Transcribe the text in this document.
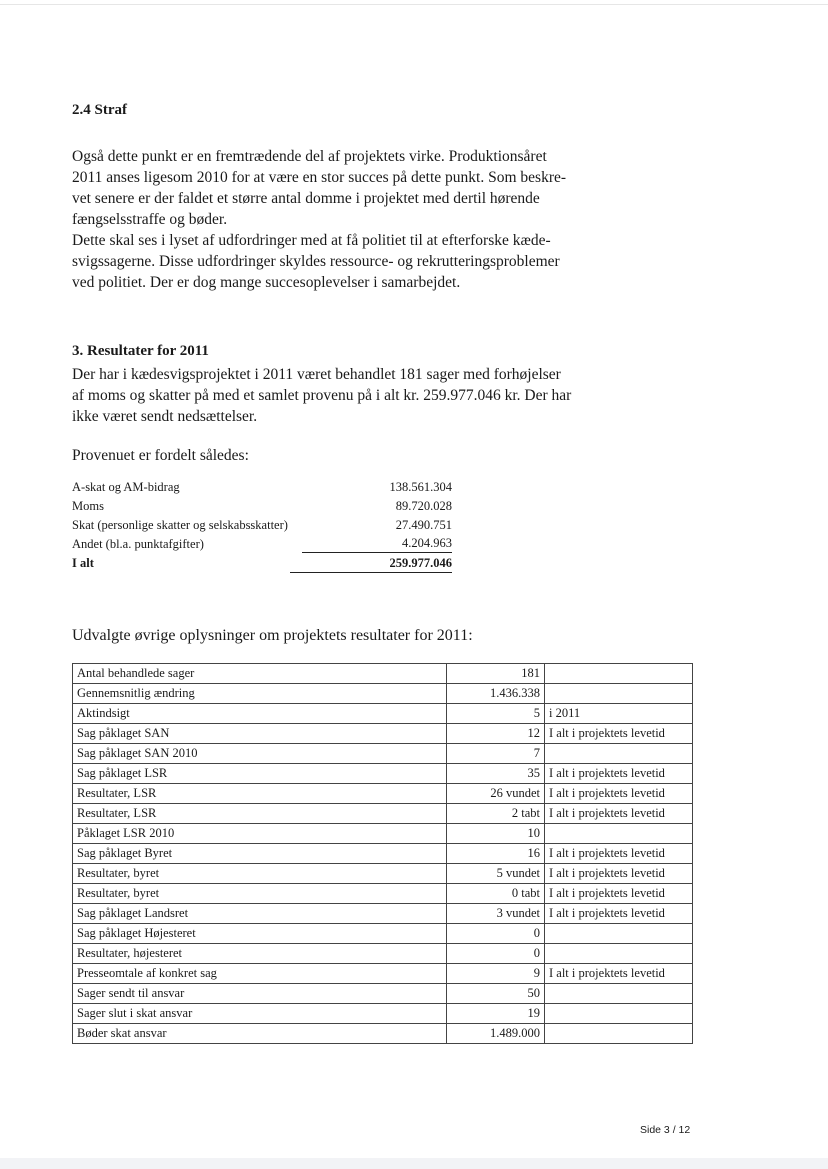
2.4 Straf

Også dette punkt er en fremtrædende del af projektets virke. Produktionsåret
2011 anses ligesom 2010 for at være en stor succes på dette punkt. Som beskre-
vet senere er der faldet et større antal domme i projektet med dertil hørende
fængselsstraffe og bøder.
Dette skal ses i lyset af udfordringer med at få politiet til at efterforske kæde-
svigssagerne. Disse udfordringer skyldes ressource- og rekrutteringsproblemer
ved politiet. Der er dog mange succesoplevelser i samarbejdet.

3. Resultater for 2011

Der har i kædesvigsprojektet i 2011 været behandlet 181 sager med forhøjelser
af moms og skatter på med et samlet provenu på i alt kr. 259.977.046 kr. Der har
ikke været sendt nedsættelser.

Provenuet er fordelt således:

A-skat og AM-bidrag	138.561.304
Moms	89.720.028
Skat (personlige skatter og selskabsskatter)	27.490.751
Andet (bl.a. punktafgifter)	4.204.963
I alt	259.977.046

Udvalgte øvrige oplysninger om projektets resultater for 2011:

Antal behandlede sager	181	
Gennemsnitlig ændring	1.436.338	
Aktindsigt	5	i 2011
Sag påklaget SAN	12	I alt i projektets levetid
Sag påklaget SAN 2010	7	
Sag påklaget LSR	35	I alt i projektets levetid
Resultater, LSR	26 vundet	I alt i projektets levetid
Resultater, LSR	2 tabt	I alt i projektets levetid
Påklaget LSR 2010	10	
Sag påklaget Byret	16	I alt i projektets levetid
Resultater, byret	5 vundet	I alt i projektets levetid
Resultater, byret	0 tabt	I alt i projektets levetid
Sag påklaget Landsret	3 vundet	I alt i projektets levetid
Sag påklaget Højesteret	0	
Resultater, højesteret	0	
Presseomtale af konkret sag	9	I alt i projektets levetid
Sager sendt til ansvar	50	
Sager slut i skat ansvar	19	
Bøder skat ansvar	1.489.000	
Side 3 / 12
